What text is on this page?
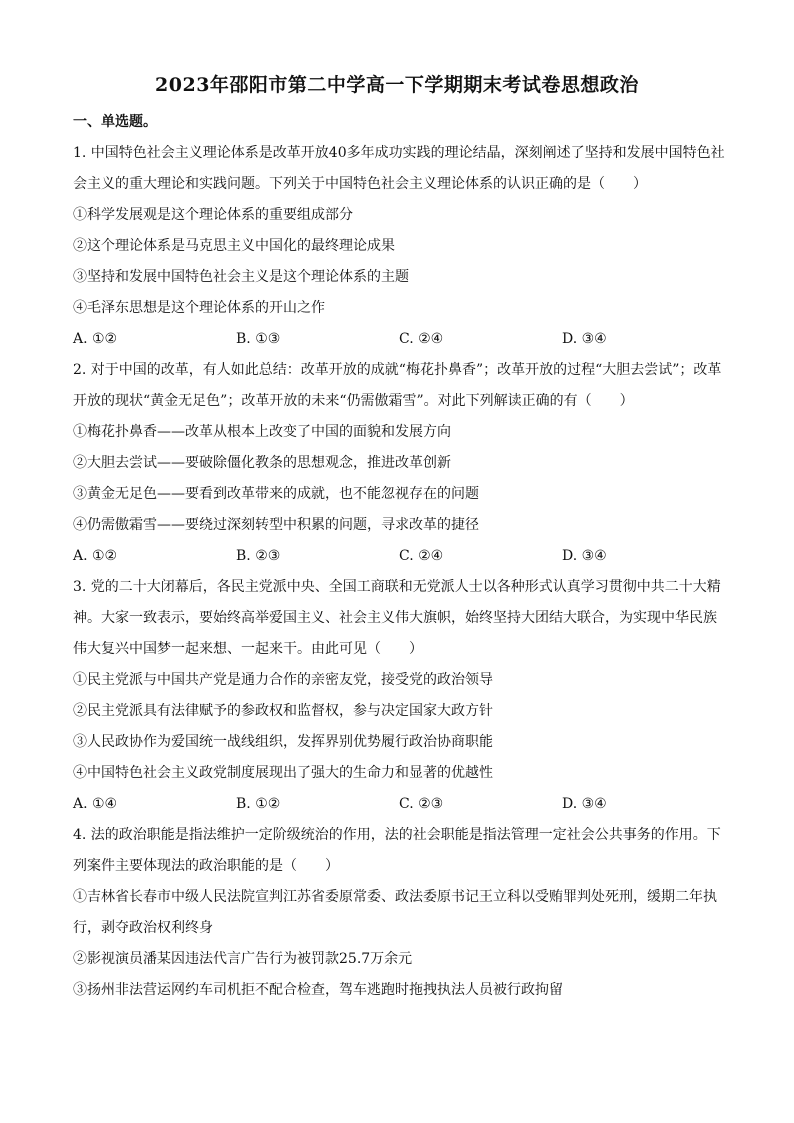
2023年邵阳市第二中学高一下学期期末考试卷思想政治
一、单选题。
1. 中国特色社会主义理论体系是改革开放40多年成功实践的理论结晶，深刻阐述了坚持和发展中国特色社会主义的重大理论和实践问题。下列关于中国特色社会主义理论体系的认识正确的是（　　）
①科学发展观是这个理论体系的重要组成部分
②这个理论体系是马克思主义中国化的最终理论成果
③坚持和发展中国特色社会主义是这个理论体系的主题
④毛泽东思想是这个理论体系的开山之作
A. ①②	B. ①③	C. ②④	D. ③④
2. 对于中国的改革，有人如此总结：改革开放的成就“梅花扑鼻香”；改革开放的过程“大胆去尝试”；改革开放的现状“黄金无足色”；改革开放的未来“仍需傲霜雪”。对此下列解读正确的有（　　）
①梅花扑鼻香——改革从根本上改变了中国的面貌和发展方向
②大胆去尝试——要破除僵化教条的思想观念，推进改革创新
③黄金无足色——要看到改革带来的成就，也不能忽视存在的问题
④仍需傲霜雪——要绕过深刻转型中积累的问题，寻求改革的捷径
A. ①②	B. ②③	C. ②④	D. ③④
3. 党的二十大闭幕后，各民主党派中央、全国工商联和无党派人士以各种形式认真学习贯彻中共二十大精神。大家一致表示，要始终高举爱国主义、社会主义伟大旗帜，始终坚持大团结大联合，为实现中华民族伟大复兴中国梦一起来想、一起来干。由此可见（　　）
①民主党派与中国共产党是通力合作的亲密友党，接受党的政治领导
②民主党派具有法律赋予的参政权和监督权，参与决定国家大政方针
③人民政协作为爱国统一战线组织，发挥界别优势履行政治协商职能
④中国特色社会主义政党制度展现出了强大的生命力和显著的优越性
A. ①④	B. ①②	C. ②③	D. ③④
4. 法的政治职能是指法维护一定阶级统治的作用，法的社会职能是指法管理一定社会公共事务的作用。下列案件主要体现法的政治职能的是（　　）
①吉林省长春市中级人民法院宣判江苏省委原常委、政法委原书记王立科以受贿罪判处死刑，缓期二年执行，剥夺政治权利终身
②影视演员潘某因违法代言广告行为被罚款25.7万余元
③扬州非法营运网约车司机拒不配合检查，驾车逃跑时拖拽执法人员被行政拘留
